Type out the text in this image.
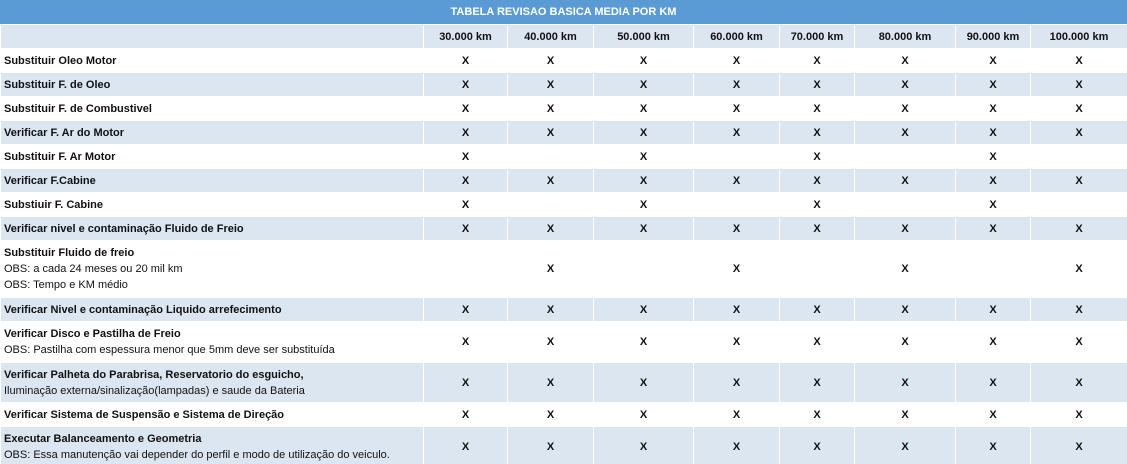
TABELA REVISAO BASICA MEDIA POR KM
	30.000 km	40.000 km	50.000 km	60.000 km	70.000 km	80.000 km	90.000 km	100.000 km

Substituir Oleo Motor	X	X	X	X	X	X	X	X

Substituir F. de Oleo	X	X	X	X	X	X	X	X

Substituir F. de Combustivel	X	X	X	X	X	X	X	X

Verificar F. Ar do Motor	X	X	X	X	X	X	X	X

Substituir F. Ar Motor	X		X		X		X	

Verificar F.Cabine	X	X	X	X	X	X	X	X

Substiuir F. Cabine	X		X		X		X	

Verificar nivel e contaminação Fluido de Freio	X	X	X	X	X	X	X	X

Substituir Fluido de freio
OBS: a cada 24 meses ou 20 mil km
OBS: Tempo e KM médio		X		X		X		X

Verificar Nivel e contaminação Liquido arrefecimento	X	X	X	X	X	X	X	X

Verificar Disco e Pastilha de Freio
OBS: Pastilha com espessura menor que 5mm deve ser substituída	X	X	X	X	X	X	X	X

Verificar Palheta do Parabrisa, Reservatorio do esguicho,
Iluminação externa/sinalização(lampadas) e saude da Bateria	X	X	X	X	X	X	X	X

Verificar Sistema de Suspensão e Sistema de Direção	X	X	X	X	X	X	X	X

Executar Balanceamento e Geometria
OBS: Essa manutenção vai depender do perfil e modo de utilização do veiculo.	X	X	X	X	X	X	X	X
